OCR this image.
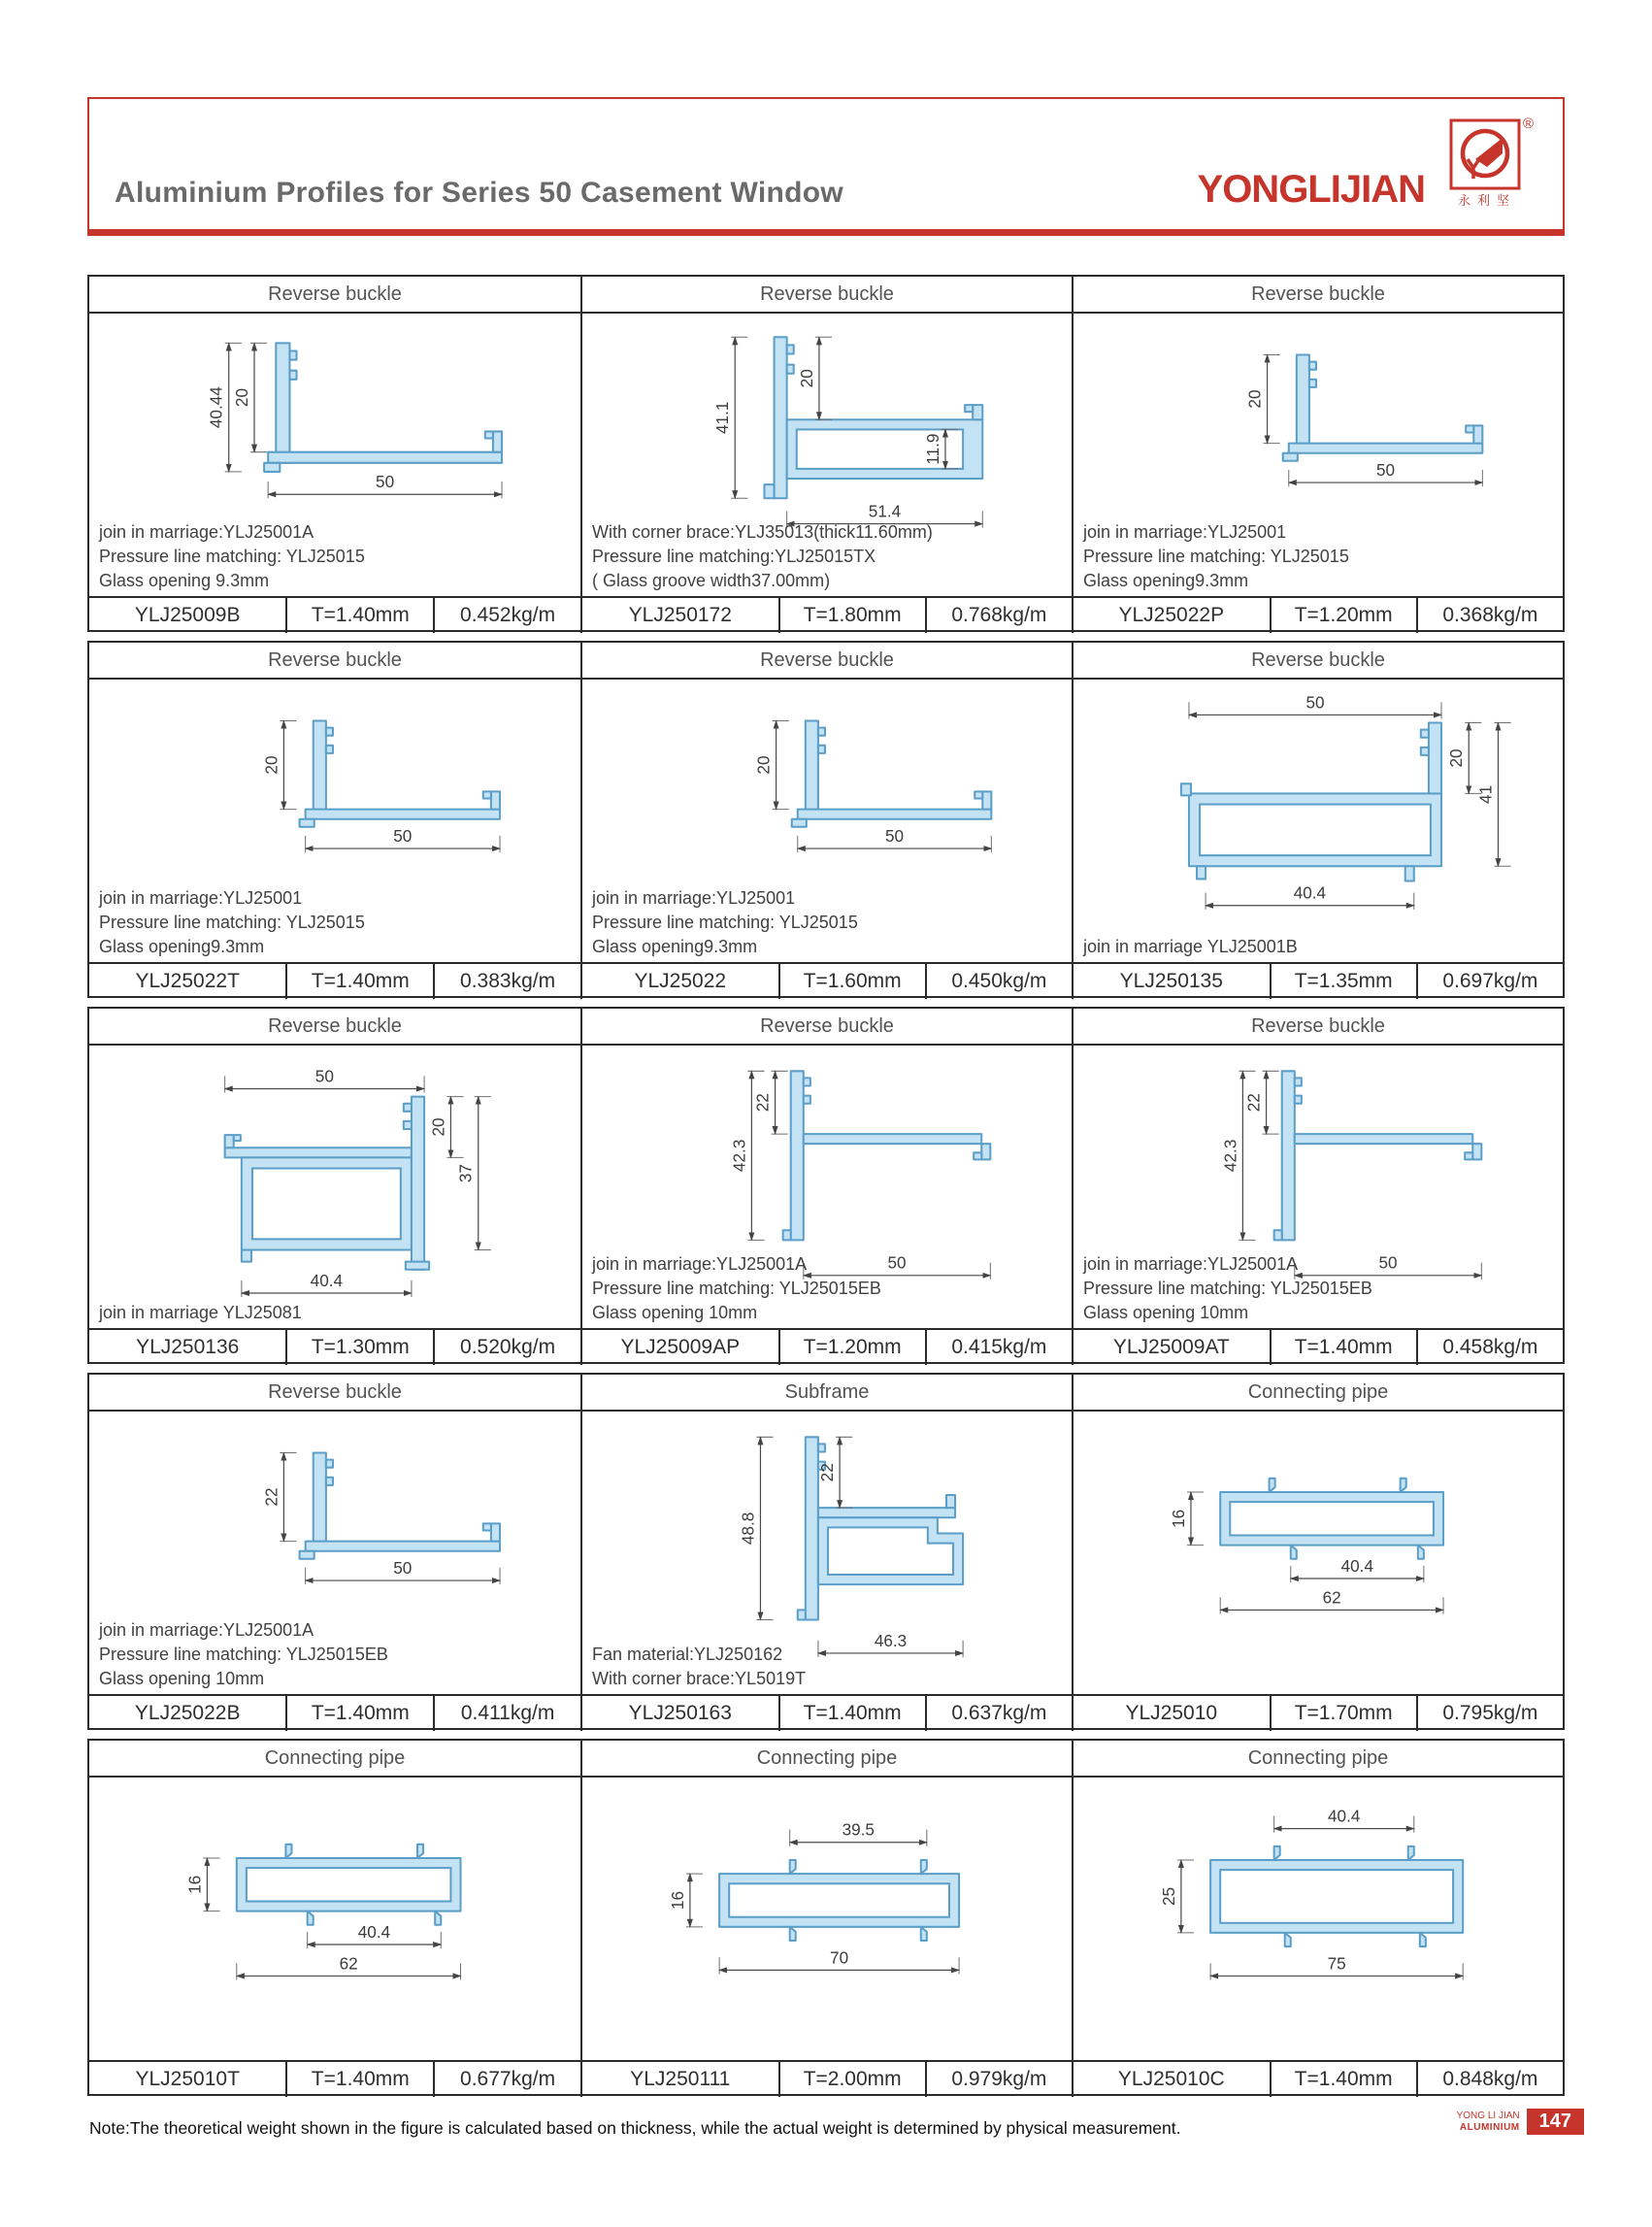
Aluminium Profiles for Series 50 Casement Window	YONGLIJIAN
®
永利坚
Reverse buckle
40.44 20
50
join in marriage:YLJ25001A
Pressure line matching: YLJ25015
Glass opening 9.3mm
YLJ25009B	T=1.40mm	0.452kg/m
Reverse buckle
41.1
20
11.9
51.4
With corner brace:YLJ35013(thick11.60mm)
Pressure line matching:YLJ25015TX
( Glass groove width37.00mm)
YLJ250172	T=1.80mm	0.768kg/m
Reverse buckle
20
50
join in marriage:YLJ25001
Pressure line matching: YLJ25015
Glass opening9.3mm
YLJ25022P	T=1.20mm	0.368kg/m
Reverse buckle
20
50
join in marriage:YLJ25001
Pressure line matching: YLJ25015
Glass opening9.3mm
YLJ25022T	T=1.40mm	0.383kg/m
Reverse buckle
20
50
join in marriage:YLJ25001
Pressure line matching: YLJ25015
Glass opening9.3mm
YLJ25022	T=1.60mm	0.450kg/m
Reverse buckle
50
20
41
40.4
join in marriage YLJ25001B
YLJ250135	T=1.35mm	0.697kg/m
Reverse buckle
50
20
37
40.4
join in marriage YLJ25081
YLJ250136	T=1.30mm	0.520kg/m
Reverse buckle
42.3
22
50
join in marriage:YLJ25001A
Pressure line matching: YLJ25015EB
Glass opening 10mm
YLJ25009AP	T=1.20mm	0.415kg/m
Reverse buckle
42.3
22
50
join in marriage:YLJ25001A
Pressure line matching: YLJ25015EB
Glass opening 10mm
YLJ25009AT	T=1.40mm	0.458kg/m
Reverse buckle
22
50
join in marriage:YLJ25001A
Pressure line matching: YLJ25015EB
Glass opening 10mm
YLJ25022B	T=1.40mm	0.411kg/m
Subframe
48.8
22
46.3
Fan material:YLJ250162
With corner brace:YL5019T
YLJ250163	T=1.40mm	0.637kg/m
Connecting pipe
16
40.4
62
YLJ25010	T=1.70mm	0.795kg/m
Connecting pipe
16
40.4
62
YLJ25010T	T=1.40mm	0.677kg/m
Connecting pipe
39.5
16
70
YLJ250111	T=2.00mm	0.979kg/m
Connecting pipe
40.4
25
75
YLJ25010C	T=1.40mm	0.848kg/m
Note:The theoretical weight shown in the figure is calculated based on thickness, while the actual weight is determined by physical measurement.
YONG LI JIAN
ALUMINIUM	147
